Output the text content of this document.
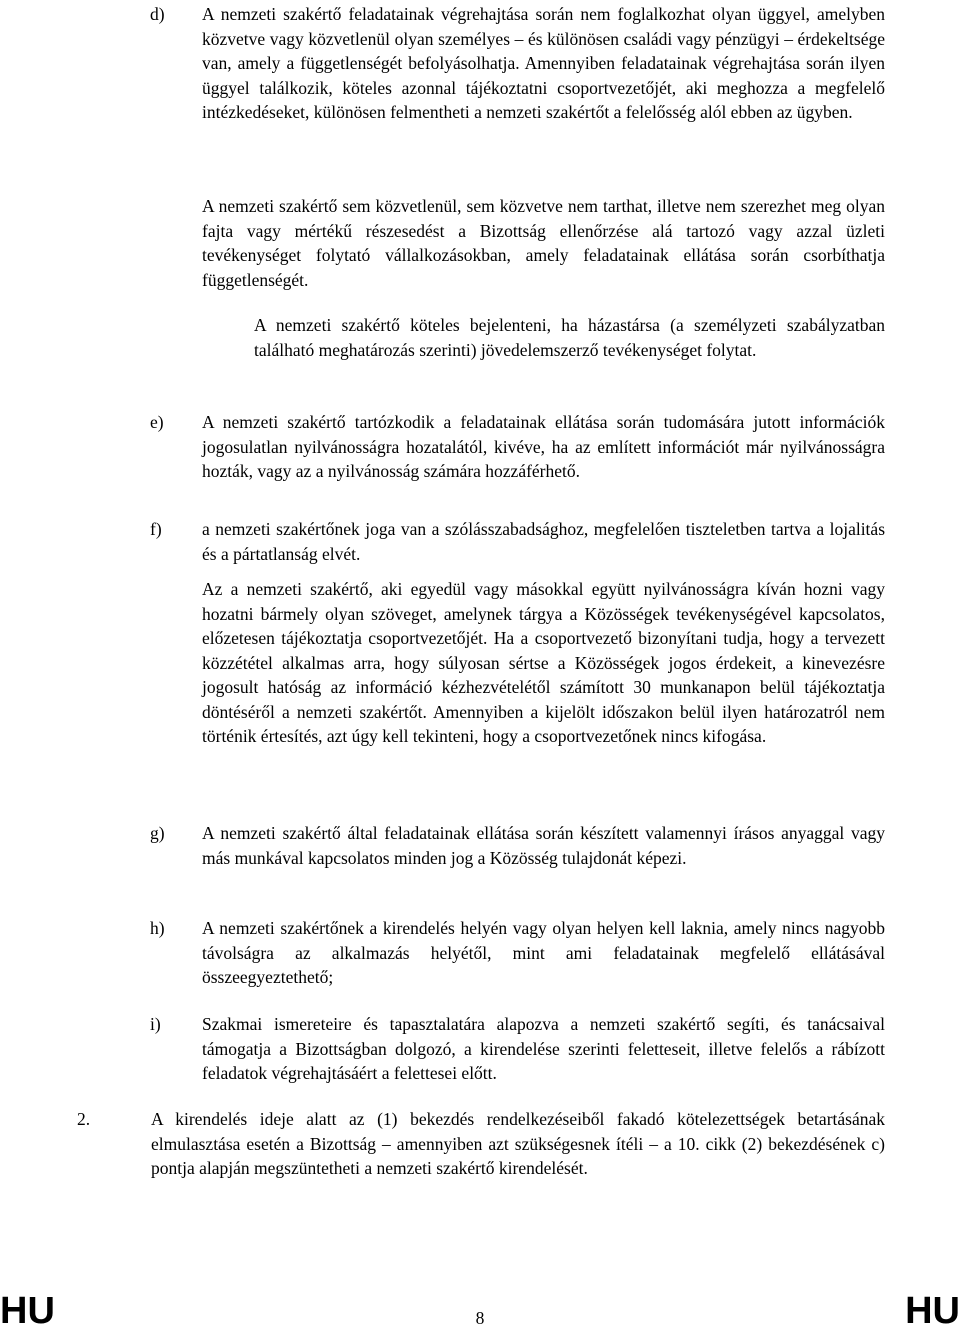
d) A nemzeti szakértő feladatainak végrehajtása során nem foglalkozhat olyan üggyel, amelyben közvetve vagy közvetlenül olyan személyes – és különösen családi vagy pénzügyi – érdekeltsége van, amely a függetlenségét befolyásolhatja. Amennyiben feladatainak végrehajtása során ilyen üggyel találkozik, köteles azonnal tájékoztatni csoportvezetőjét, aki meghozza a megfelelő intézkedéseket, különösen felmentheti a nemzeti szakértőt a felelősség alól ebben az ügyben.

A nemzeti szakértő sem közvetlenül, sem közvetve nem tarthat, illetve nem szerezhet meg olyan fajta vagy mértékű részesedést a Bizottság ellenőrzése alá tartozó vagy azzal üzleti tevékenységet folytató vállalkozásokban, amely feladatainak ellátása során csorbíthatja függetlenségét.

A nemzeti szakértő köteles bejelenteni, ha házastársa (a személyzeti szabályzatban található meghatározás szerinti) jövedelemszerző tevékenységet folytat.

e) A nemzeti szakértő tartózkodik a feladatainak ellátása során tudomására jutott információk jogosulatlan nyilvánosságra hozatalától, kivéve, ha az említett információt már nyilvánosságra hozták, vagy az a nyilvánosság számára hozzáférhető.

f) a nemzeti szakértőnek joga van a szólásszabadsághoz, megfelelően tiszteletben tartva a lojalitás és a pártatlanság elvét.

Az a nemzeti szakértő, aki egyedül vagy másokkal együtt nyilvánosságra kíván hozni vagy hozatni bármely olyan szöveget, amelynek tárgya a Közösségek tevékenységével kapcsolatos, előzetesen tájékoztatja csoportvezetőjét. Ha a csoportvezető bizonyítani tudja, hogy a tervezett közzététel alkalmas arra, hogy súlyosan sértse a Közösségek jogos érdekeit, a kinevezésre jogosult hatóság az információ kézhezvételétől számított 30 munkanapon belül tájékoztatja döntéséről a nemzeti szakértőt. Amennyiben a kijelölt időszakon belül ilyen határozatról nem történik értesítés, azt úgy kell tekinteni, hogy a csoportvezetőnek nincs kifogása.

g) A nemzeti szakértő által feladatainak ellátása során készített valamennyi írásos anyaggal vagy más munkával kapcsolatos minden jog a Közösség tulajdonát képezi.

h) A nemzeti szakértőnek a kirendelés helyén vagy olyan helyen kell laknia, amely nincs nagyobb távolságra az alkalmazás helyétől, mint ami feladatainak megfelelő ellátásával összeegyeztethető;

i) Szakmai ismereteire és tapasztalatára alapozva a nemzeti szakértő segíti, és tanácsaival támogatja a Bizottságban dolgozó, a kirendelése szerinti feletteseit, illetve felelős a rábízott feladatok végrehajtásáért a felettesei előtt.

2.	A kirendelés ideje alatt az (1) bekezdés rendelkezéseiből fakadó kötelezettségek betartásának elmulasztása esetén a Bizottság – amennyiben azt szükségesnek ítéli – a 10. cikk (2) bekezdésének c) pontja alapján megszüntetheti a nemzeti szakértő kirendelését.

HU	8	HU
